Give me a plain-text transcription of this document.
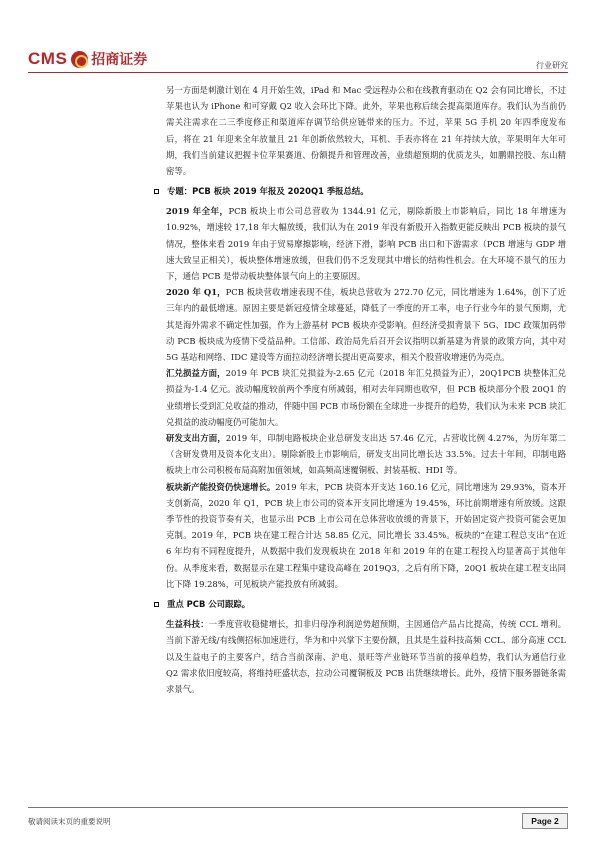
CMS 招商证券	行业研究

另一方面是刺激计划在 4 月开始生效，iPad 和 Mac 受远程办公和在线教育驱动在 Q2 会有同比增长，不过苹果也认为 iPhone 和可穿戴 Q2 收入会环比下降。此外，苹果也称后续会提高渠道库存。我们认为当前仍需关注需求在二三季度修正和渠道库存调节给供应链带来的压力。不过，苹果 5G 手机 20 年四季度发布后，将在 21 年迎来全年放量且 21 年创新依然较大，耳机、手表亦将在 21 年持续大放，苹果明年大年可期，我们当前建议把握卡位苹果赛道、份额提升和管理改善，业绩超预期的优质龙头，如鹏鼎控股、东山精密等。

专题：PCB 板块 2019 年报及 2020Q1 季报总结。

2019 年全年，PCB 板块上市公司总营收为 1344.91 亿元，剔除新股上市影响后，同比 18 年增速为 10.92%，增速较 17,18 年大幅放缓，我们认为在 2019 年没有新股开入指数更能反映出 PCB 板块的景气情况，整体来看 2019 年由于贸易摩擦影响，经济下滑，影响 PCB 出口和下游需求（PCB 增速与 GDP 增速大致呈正相关），板块整体增速放缓，但我们仍不乏发现其中增长的结构性机会。在大环境不景气的压力下，通信 PCB 是带动板块整体景气向上的主要原因。

2020 年 Q1，PCB 板块营收增速表现不佳，板块总营收为 272.70 亿元，同比增速为 1.64%，创下了近三年内的最低增速。原因主要是新冠疫情全球蔓延，降低了一季度的开工率，电子行业今年的景气预期，尤其是海外需求不确定性加强，作为上游基材 PCB 板块亦受影响。但经济受损背景下 5G、IDC 政策加码带动 PCB 板块成为疫情下受益品种。工信部、政治局先后召开会议指明以新基建为背景的政策方向，其中对 5G 基站和网络、IDC 建设等方面拉动经济增长提出更高要求，相关个股营收增速仍为亮点。

汇兑损益方面，2019 年 PCB 块汇兑损益为-2.65 亿元（2018 年汇兑损益为正），20Q1PCB 块整体汇兑损益为-1.4 亿元。波动幅度较前两个季度有所减弱，相对去年同期也收窄，但 PCB 板块部分个股 20Q1 的业绩增长受到汇兑收益的推动，伴随中国 PCB 市场份额在全球进一步提升的趋势，我们认为未来 PCB 块汇兑损益的波动幅度仍可能加大。

研发支出方面，2019 年，印制电路板块企业总研发支出达 57.46 亿元，占营收比例 4.27%，为历年第二（含研发费用及资本化支出）。剔除新股上市影响后，研发支出同比增长达 33.5%。过去十年间，印制电路板块上市公司积极布局高附加值领域，如高频高速覆铜板、封装基板、HDI 等。

板块新产能投资仍快速增长。2019 年末，PCB 块资本开支达 160.16 亿元，同比增速为 29.93%，资本开支创新高，2020 年 Q1，PCB 块上市公司的资本开支同比增速为 19.45%，环比前期增速有所放缓。这跟季节性的投资节奏有关，也显示出 PCB 上市公司在总体营收放缓的背景下，开始固定资产投资可能会更加克制。2019 年，PCB 块在建工程合计达 58.85 亿元，同比增长 33.45%。板块的“在建工程总支出”在近 6 年均有不同程度提升，从数据中我们发现板块在 2018 年和 2019 年的在建工程投入均显著高于其他年份。从季度来看，数据显示在建工程集中建设高峰在 2019Q3，之后有所下降，20Q1 板块在建工程支出同比下降 19.28%，可见板块产能投放有所减弱。

重点 PCB 公司跟踪。

生益科技：一季度营收稳健增长，扣非归母净利润逆势超预期，主因通信产品占比提高，传统 CCL 增利。当前下游无线/有线侧招标加速进行，华为和中兴掌下主要份额，且其是生益科技高频 CCL、部分高速 CCL 以及生益电子的主要客户，结合当前深南、沪电、景旺等产业链环节当前的接单趋势，我们认为通信行业 Q2 需求依旧度较高，将维持旺盛状态，拉动公司覆铜板及 PCB 出货继续增长。此外，疫情下服务器链条需求景气。

敬请阅读末页的重要说明	Page 2
